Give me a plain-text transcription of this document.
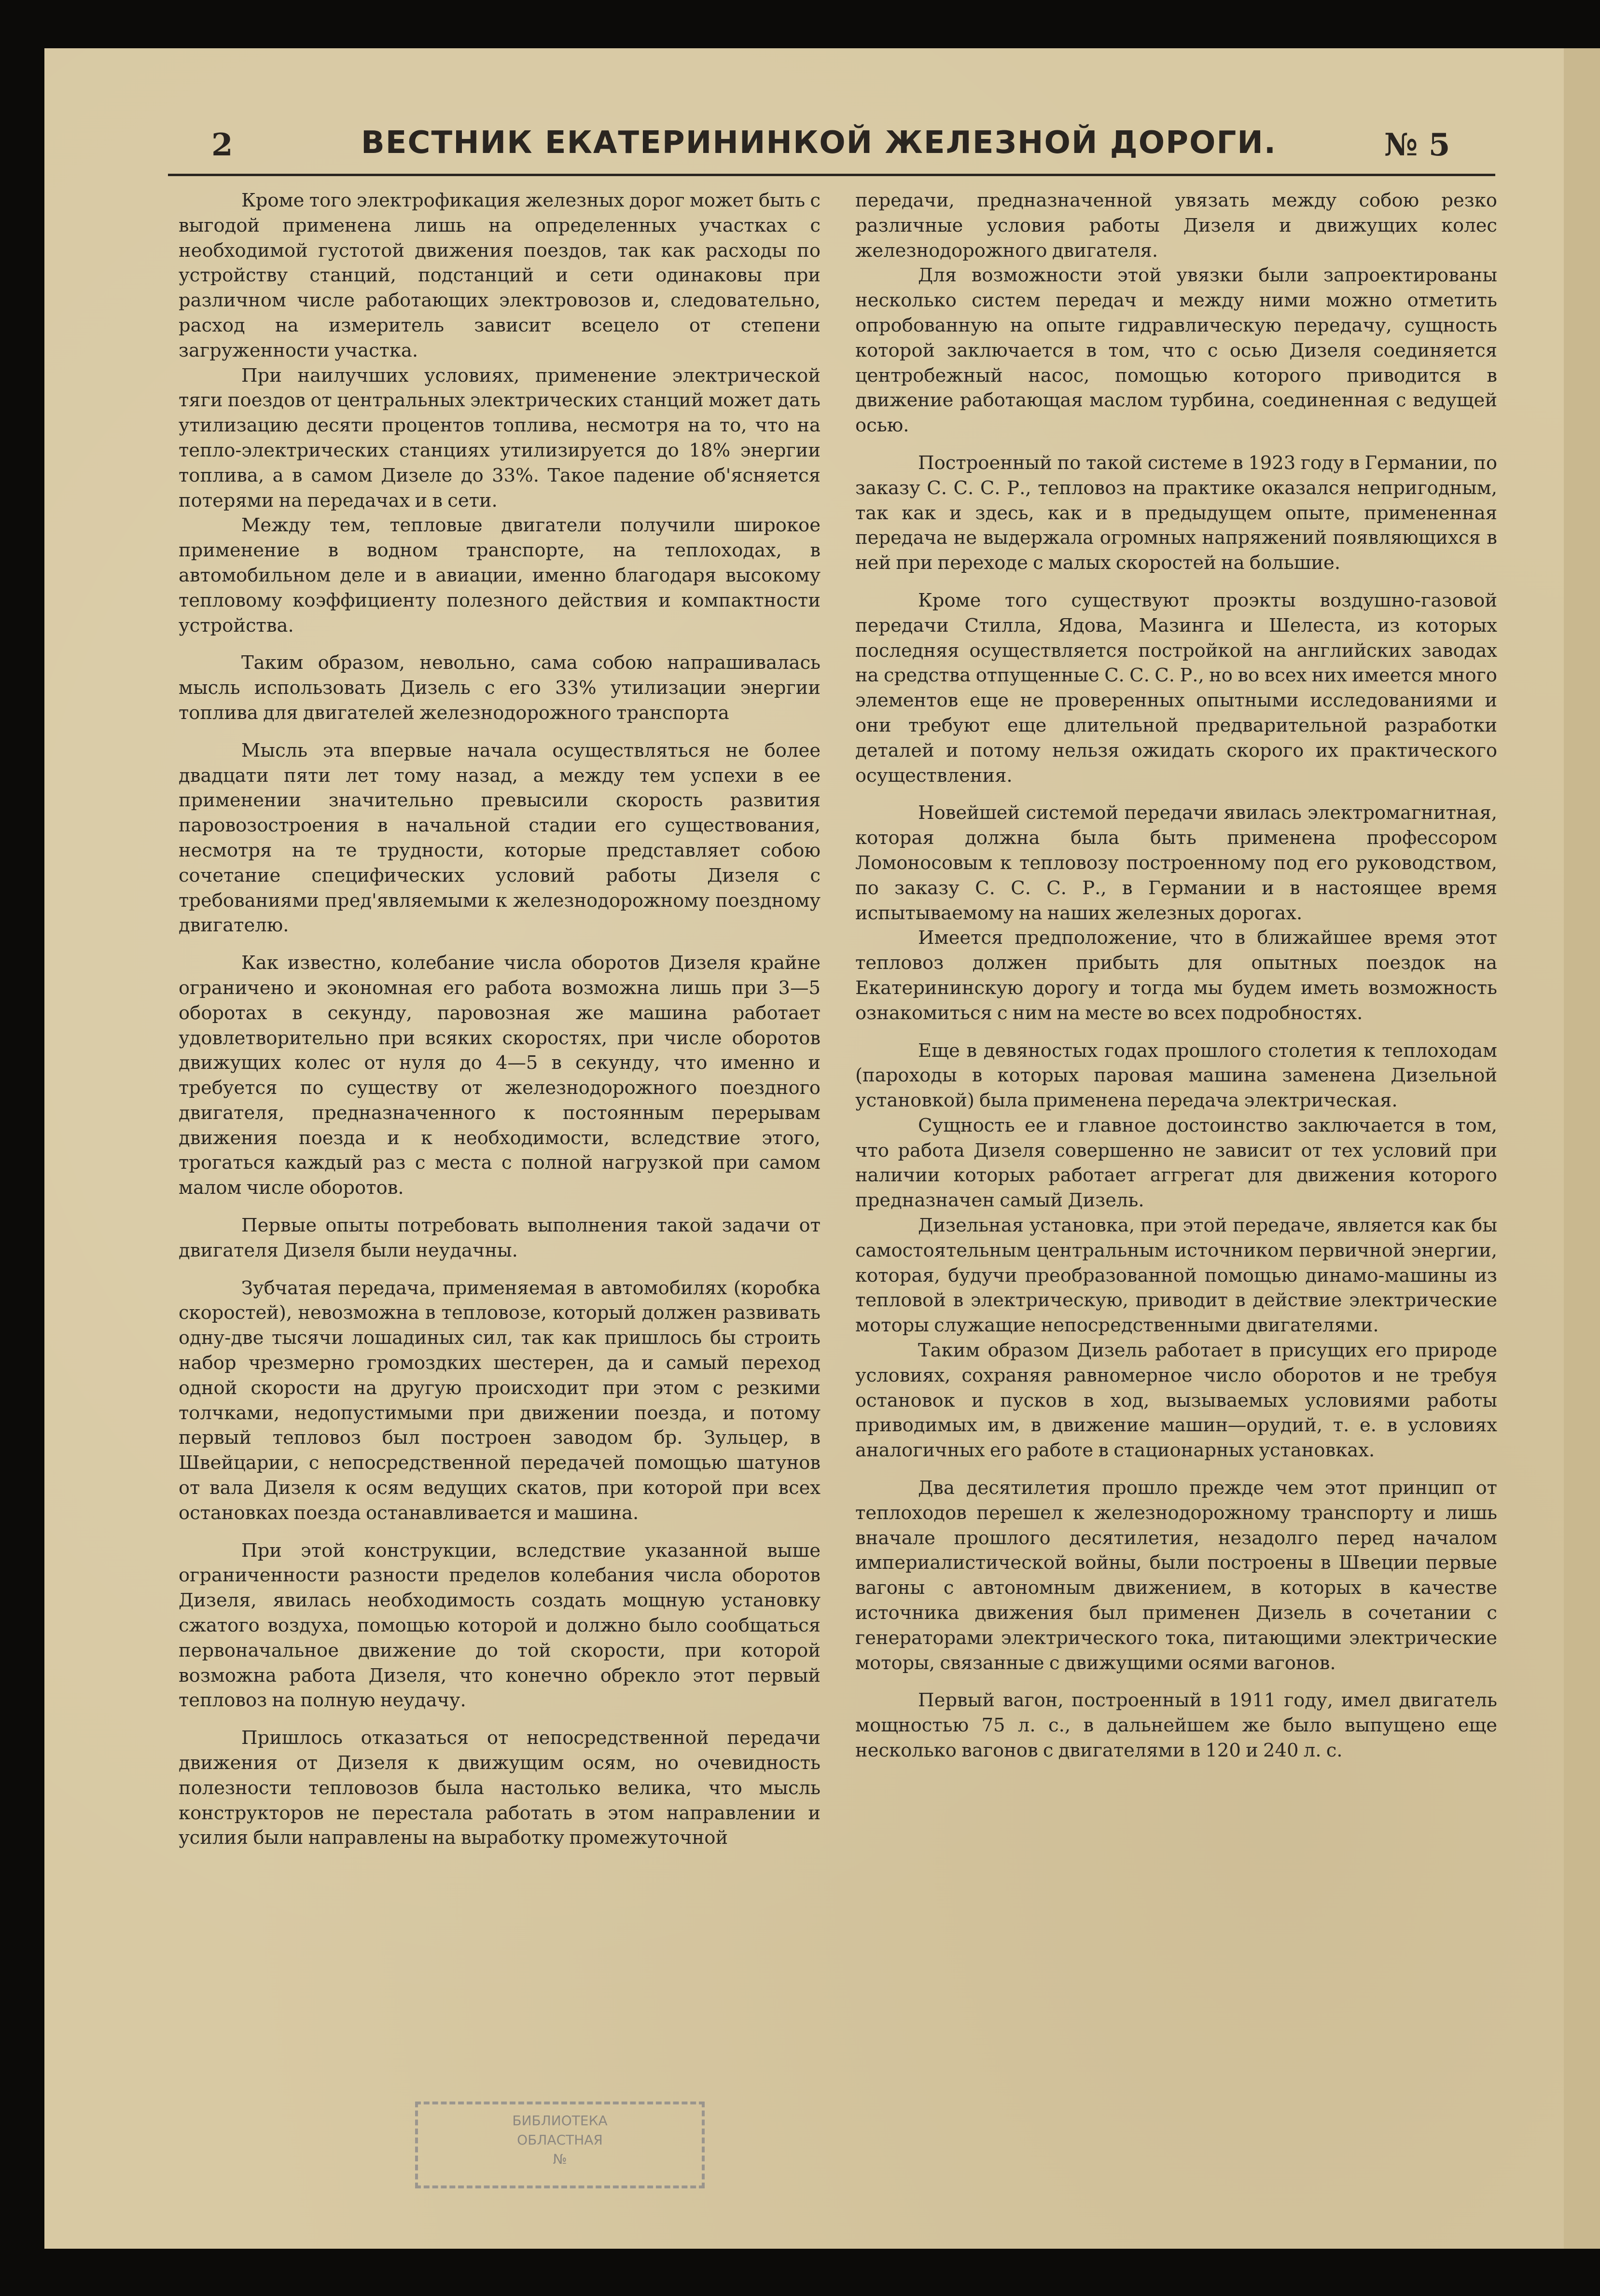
2	ВЕСТНИК ЕКАТЕРИНИНКОЙ ЖЕЛЕЗНОЙ ДОРОГИ.	№ 5

Кроме того электрофикация железных дорог может быть с выгодой применена лишь на определенных участках с необходимой густотой движения поездов, так как расходы по устройству станций, подстанций и сети одинаковы при различном числе работающих электровозов и, следовательно, расход на измеритель зависит всецело от степени загруженности участка.

При наилучших условиях, применение электрической тяги поездов от центральных электрических станций может дать утилизацию десяти процентов топлива, несмотря на то, что на тепло-электрических станциях утилизируется до 18% энергии топлива, а в самом Дизеле до 33%. Такое падение об'ясняется потерями на передачах и в сети.

Между тем, тепловые двигатели получили широкое применение в водном транспорте, на теплоходах, в автомобильном деле и в авиации, именно благодаря высокому тепловому коэффициенту полезного действия и компактности устройства.

Таким образом, невольно, сама собою напрашивалась мысль использовать Дизель с его 33% утилизации энергии топлива для двигателей железнодорожного транспорта

Мысль эта впервые начала осуществляться не более двадцати пяти лет тому назад, а между тем успехи в ее применении значительно превысили скорость развития паровозостроения в начальной стадии его существования, несмотря на те трудности, которые представляет собою сочетание специфических условий работы Дизеля с требованиями пред'являемыми к железнодорожному поездному двигателю.

Как известно, колебание числа оборотов Дизеля крайне ограничено и экономная его работа возможна лишь при 3—5 оборотах в секунду, паровозная же машина работает удовлетворительно при всяких скоростях, при числе оборотов движущих колес от нуля до 4—5 в секунду, что именно и требуется по существу от железнодорожного поездного двигателя, предназначенного к постоянным перерывам движения поезда и к необходимости, вследствие этого, трогаться каждый раз с места с полной нагрузкой при самом малом числе оборотов.

Первые опыты потребовать выполнения такой задачи от двигателя Дизеля были неудачны.

Зубчатая передача, применяемая в автомобилях (коробка скоростей), невозможна в тепловозе, который должен развивать одну-две тысячи лошадиных сил, так как пришлось бы строить набор чрезмерно громоздких шестерен, да и самый переход одной скорости на другую происходит при этом с резкими толчками, недопустимыми при движении поезда, и потому первый тепловоз был построен заводом бр. Зульцер, в Швейцарии, с непосредственной передачей помощью шатунов от вала Дизеля к осям ведущих скатов, при которой при всех остановках поезда останавливается и машина.

При этой конструкции, вследствие указанной выше ограниченности разности пределов колебания числа оборотов Дизеля, явилась необходимость создать мощную установку сжатого воздуха, помощью которой и должно было сообщаться первоначальное движение до той скорости, при которой возможна работа Дизеля, что конечно обрекло этот первый тепловоз на полную неудачу.

Пришлось отказаться от непосредственной передачи движения от Дизеля к движущим осям, но очевидность полезности тепловозов была настолько велика, что мысль конструкторов не перестала работать в этом направлении и усилия были направлены на выработку промежуточной

передачи, предназначенной увязать между собою резко различные условия работы Дизеля и движущих колес железнодорожного двигателя.

Для возможности этой увязки были запроектированы несколько систем передач и между ними можно отметить опробованную на опыте гидравлическую передачу, сущность которой заключается в том, что с осью Дизеля соединяется центробежный насос, помощью которого приводится в движение работающая маслом турбина, соединенная с ведущей осью.

Построенный по такой системе в 1923 году в Германии, по заказу С. С. С. Р., тепловоз на практике оказался непригодным, так как и здесь, как и в предыдущем опыте, примененная передача не выдержала огромных напряжений появляющихся в ней при переходе с малых скоростей на большие.

Кроме того существуют проэкты воздушно-газовой передачи Стилла, Ядова, Мазинга и Шелеста, из которых последняя осуществляется постройкой на английских заводах на средства отпущенные С. С. С. Р., но во всех них имеется много элементов еще не проверенных опытными исследованиями и они требуют еще длительной предварительной разработки деталей и потому нельзя ожидать скорого их практического осуществления.

Новейшей системой передачи явилась электромагнитная, которая должна была быть применена профессором Ломоносовым к тепловозу построенному под его руководством, по заказу С. С. С. Р., в Германии и в настоящее время испытываемому на наших железных дорогах.

Имеется предположение, что в ближайшее время этот тепловоз должен прибыть для опытных поездок на Екатерининскую дорогу и тогда мы будем иметь возможность ознакомиться с ним на месте во всех подробностях.

Еще в девяностых годах прошлого столетия к теплоходам (пароходы в которых паровая машина заменена Дизельной установкой) была применена передача электрическая.

Сущность ее и главное достоинство заключается в том, что работа Дизеля совершенно не зависит от тех условий при наличии которых работает аггрегат для движения которого предназначен самый Дизель.

Дизельная установка, при этой передаче, является как бы самостоятельным центральным источником первичной энергии, которая, будучи преобразованной помощью динамо-машины из тепловой в электрическую, приводит в действие электрические моторы служащие непосредственными двигателями.

Таким образом Дизель работает в присущих его природе условиях, сохраняя равномерное число оборотов и не требуя остановок и пусков в ход, вызываемых условиями работы приводимых им, в движение машин—орудий, т. е. в условиях аналогичных его работе в стационарных установках.

Два десятилетия прошло прежде чем этот принцип от теплоходов перешел к железнодорожному транспорту и лишь вначале прошлого десятилетия, незадолго перед началом империалистической войны, были построены в Швеции первые вагоны с автономным движением, в которых в качестве источника движения был применен Дизель в сочетании с генераторами электрического тока, питающими электрические моторы, связанные с движущими осями вагонов.

Первый вагон, построенный в 1911 году, имел двигатель мощностью 75 л. с., в дальнейшем же было выпущено еще несколько вагонов с двигателями в 120 и 240 л. с.

БИБЛИОТЕКА
ОБЛАСТНАЯ
№
